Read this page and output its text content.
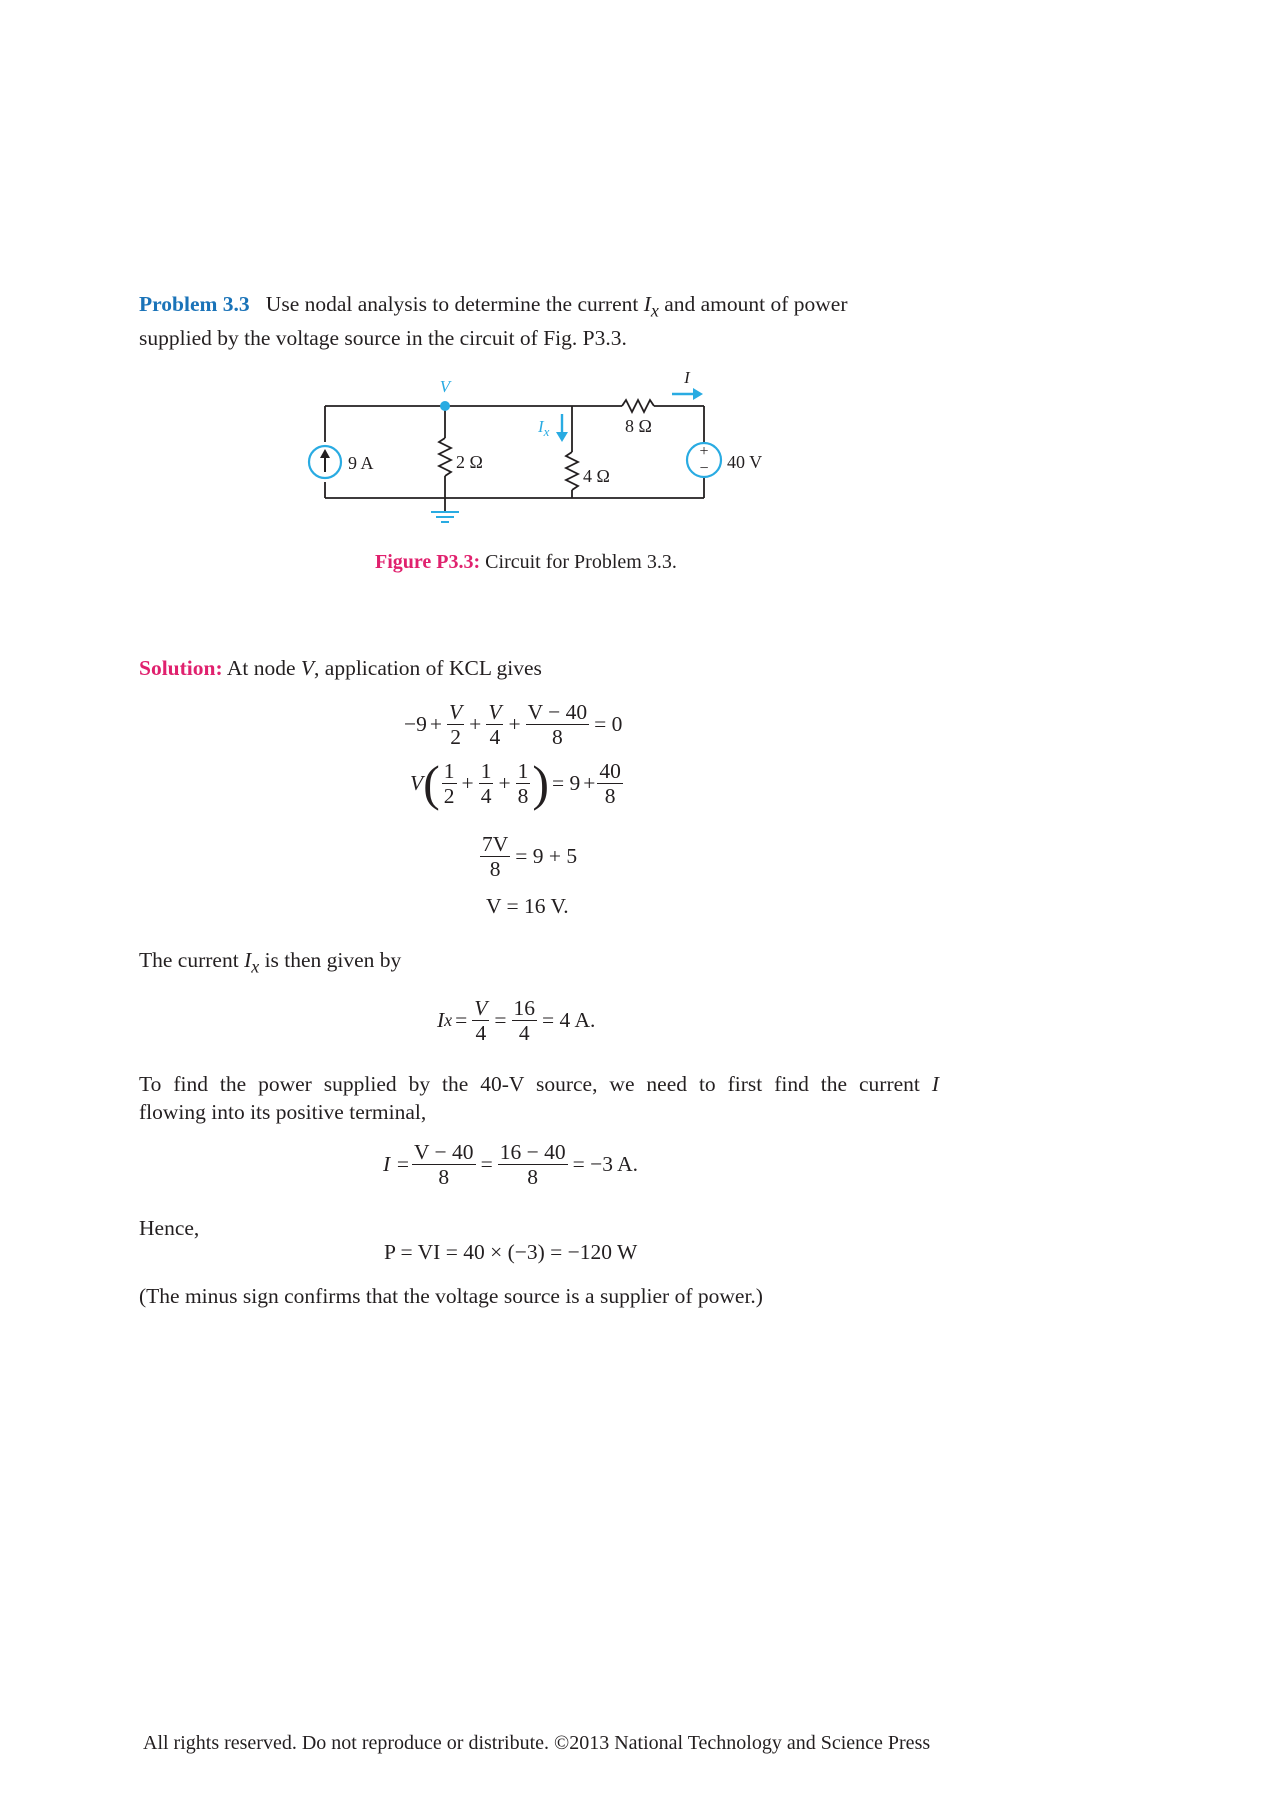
Problem 3.3 Use nodal analysis to determine the current $I_x$ and amount of power
supplied by the voltage source in the circuit of Fig. P3.3.
+
−
V
$I_x$
I
9 A	2 Ω
4 Ω
8 Ω
40 V
Figure P3.3: Circuit for Problem 3.3.
Solution: At node V, application of KCL gives
$-9 + \frac{V}{2} + \frac{V}{4} + \frac{V - 40}{8} = 0$
V ( $\frac{1}{2} + \frac{1}{4} + \frac{1}{8}$ ) = $9 + \frac{40}{8}$
$\frac{7V}{8} = 9 + 5$
V = 16 V.
The current $I_x$ is then given by
I $x = \frac{V}{4} = \frac{16}{4} = 4$ A.
To find the power supplied by the 40-V source, we need to first find the current I
flowing into its positive terminal,
$I = \frac{V - 40}{8} = \frac{16 - 40}{8} = -3$ A.
Hence,
P = VI = 40 × (−3) = −120 W
(The minus sign confirms that the voltage source is a supplier of power.)
All rights reserved. Do not reproduce or distribute. ©2013 National Technology and Science Press
